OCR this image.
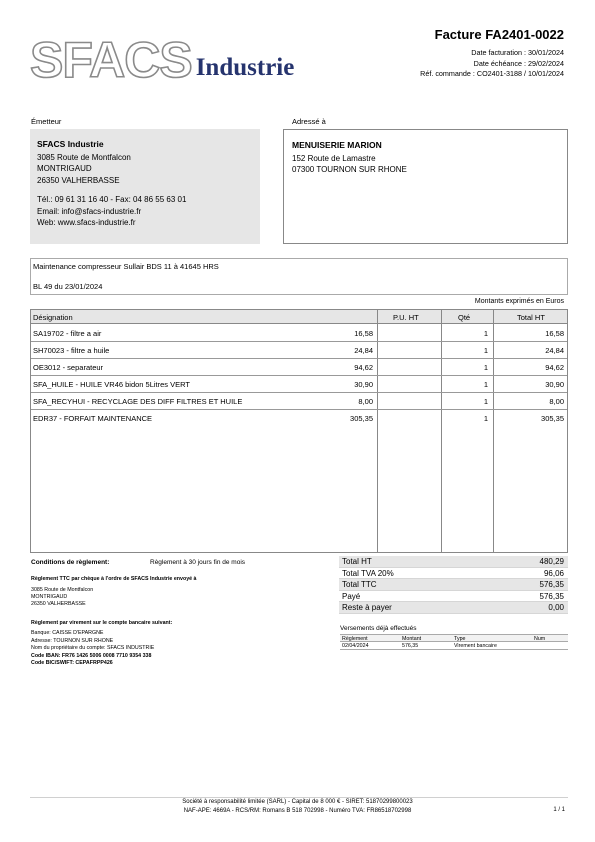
SFACS Industrie
Facture FA2401-0022
Date facturation : 30/01/2024
Date échéance : 29/02/2024
Réf. commande : CO2401-3188 / 10/01/2024
Émetteur	Adressé à
SFACS Industrie
3085 Route de Montfalcon
MONTRIGAUD
26350 VALHERBASSE
Tél.: 09 61 31 16 40 - Fax: 04 86 55 63 01
Email: info@sfacs-industrie.fr
Web: www.sfacs-industrie.fr
MENUISERIE MARION
152 Route de Lamastre
07300 TOURNON SUR RHONE
Maintenance compresseur Sullair BDS 11 à 41645 HRS
BL 49 du 23/01/2024
Montants exprimés en Euros
Désignation	P.U. HT	Qté	Total HT
SA19702 - filtre a air	16,58	1	16,58
SH70023 - filtre a huile	24,84	1	24,84
OE3012 - separateur	94,62	1	94,62
SFA_HUILE - HUILE VR46 bidon 5Litres VERT	30,90	1	30,90
SFA_RECYHUI - RECYCLAGE DES DIFF FILTRES ET HUILE	8,00	1	8,00
EDR37 - FORFAIT MAINTENANCE	305,35	1	305,35
Conditions de règlement:	Règlement à 30 jours fin de mois
Règlement TTC par chèque à l'ordre de SFACS Industrie envoyé à
3085 Route de Montfalcon
MONTRIGAUD
26350 VALHERBASSE
Règlement par virement sur le compte bancaire suivant:
Banque: CAISSE D'EPARGNE
Adresse: TOURNON SUR RHONE
Nom du propriétaire du compte: SFACS INDUSTRIE
Code IBAN: FR76 1426 5006 0008 7710 9354 338
Code BIC/SWIFT: CEPAFRPP426
Total HT	480,29
Total TVA 20%	96,06
Total TTC	576,35
Payé	576,35
Reste à payer	0,00
Versements déjà effectués
Règlement	Montant	Type	Num
02/04/2024	576,35	Virement bancaire
Société à responsabilité limitée (SARL) - Capital de 8 000 € - SIRET: 51870299800023
NAF-APE: 4669A - RCS/RM: Romans B 518 702998 - Numéro TVA: FR86518702998	1 / 1
